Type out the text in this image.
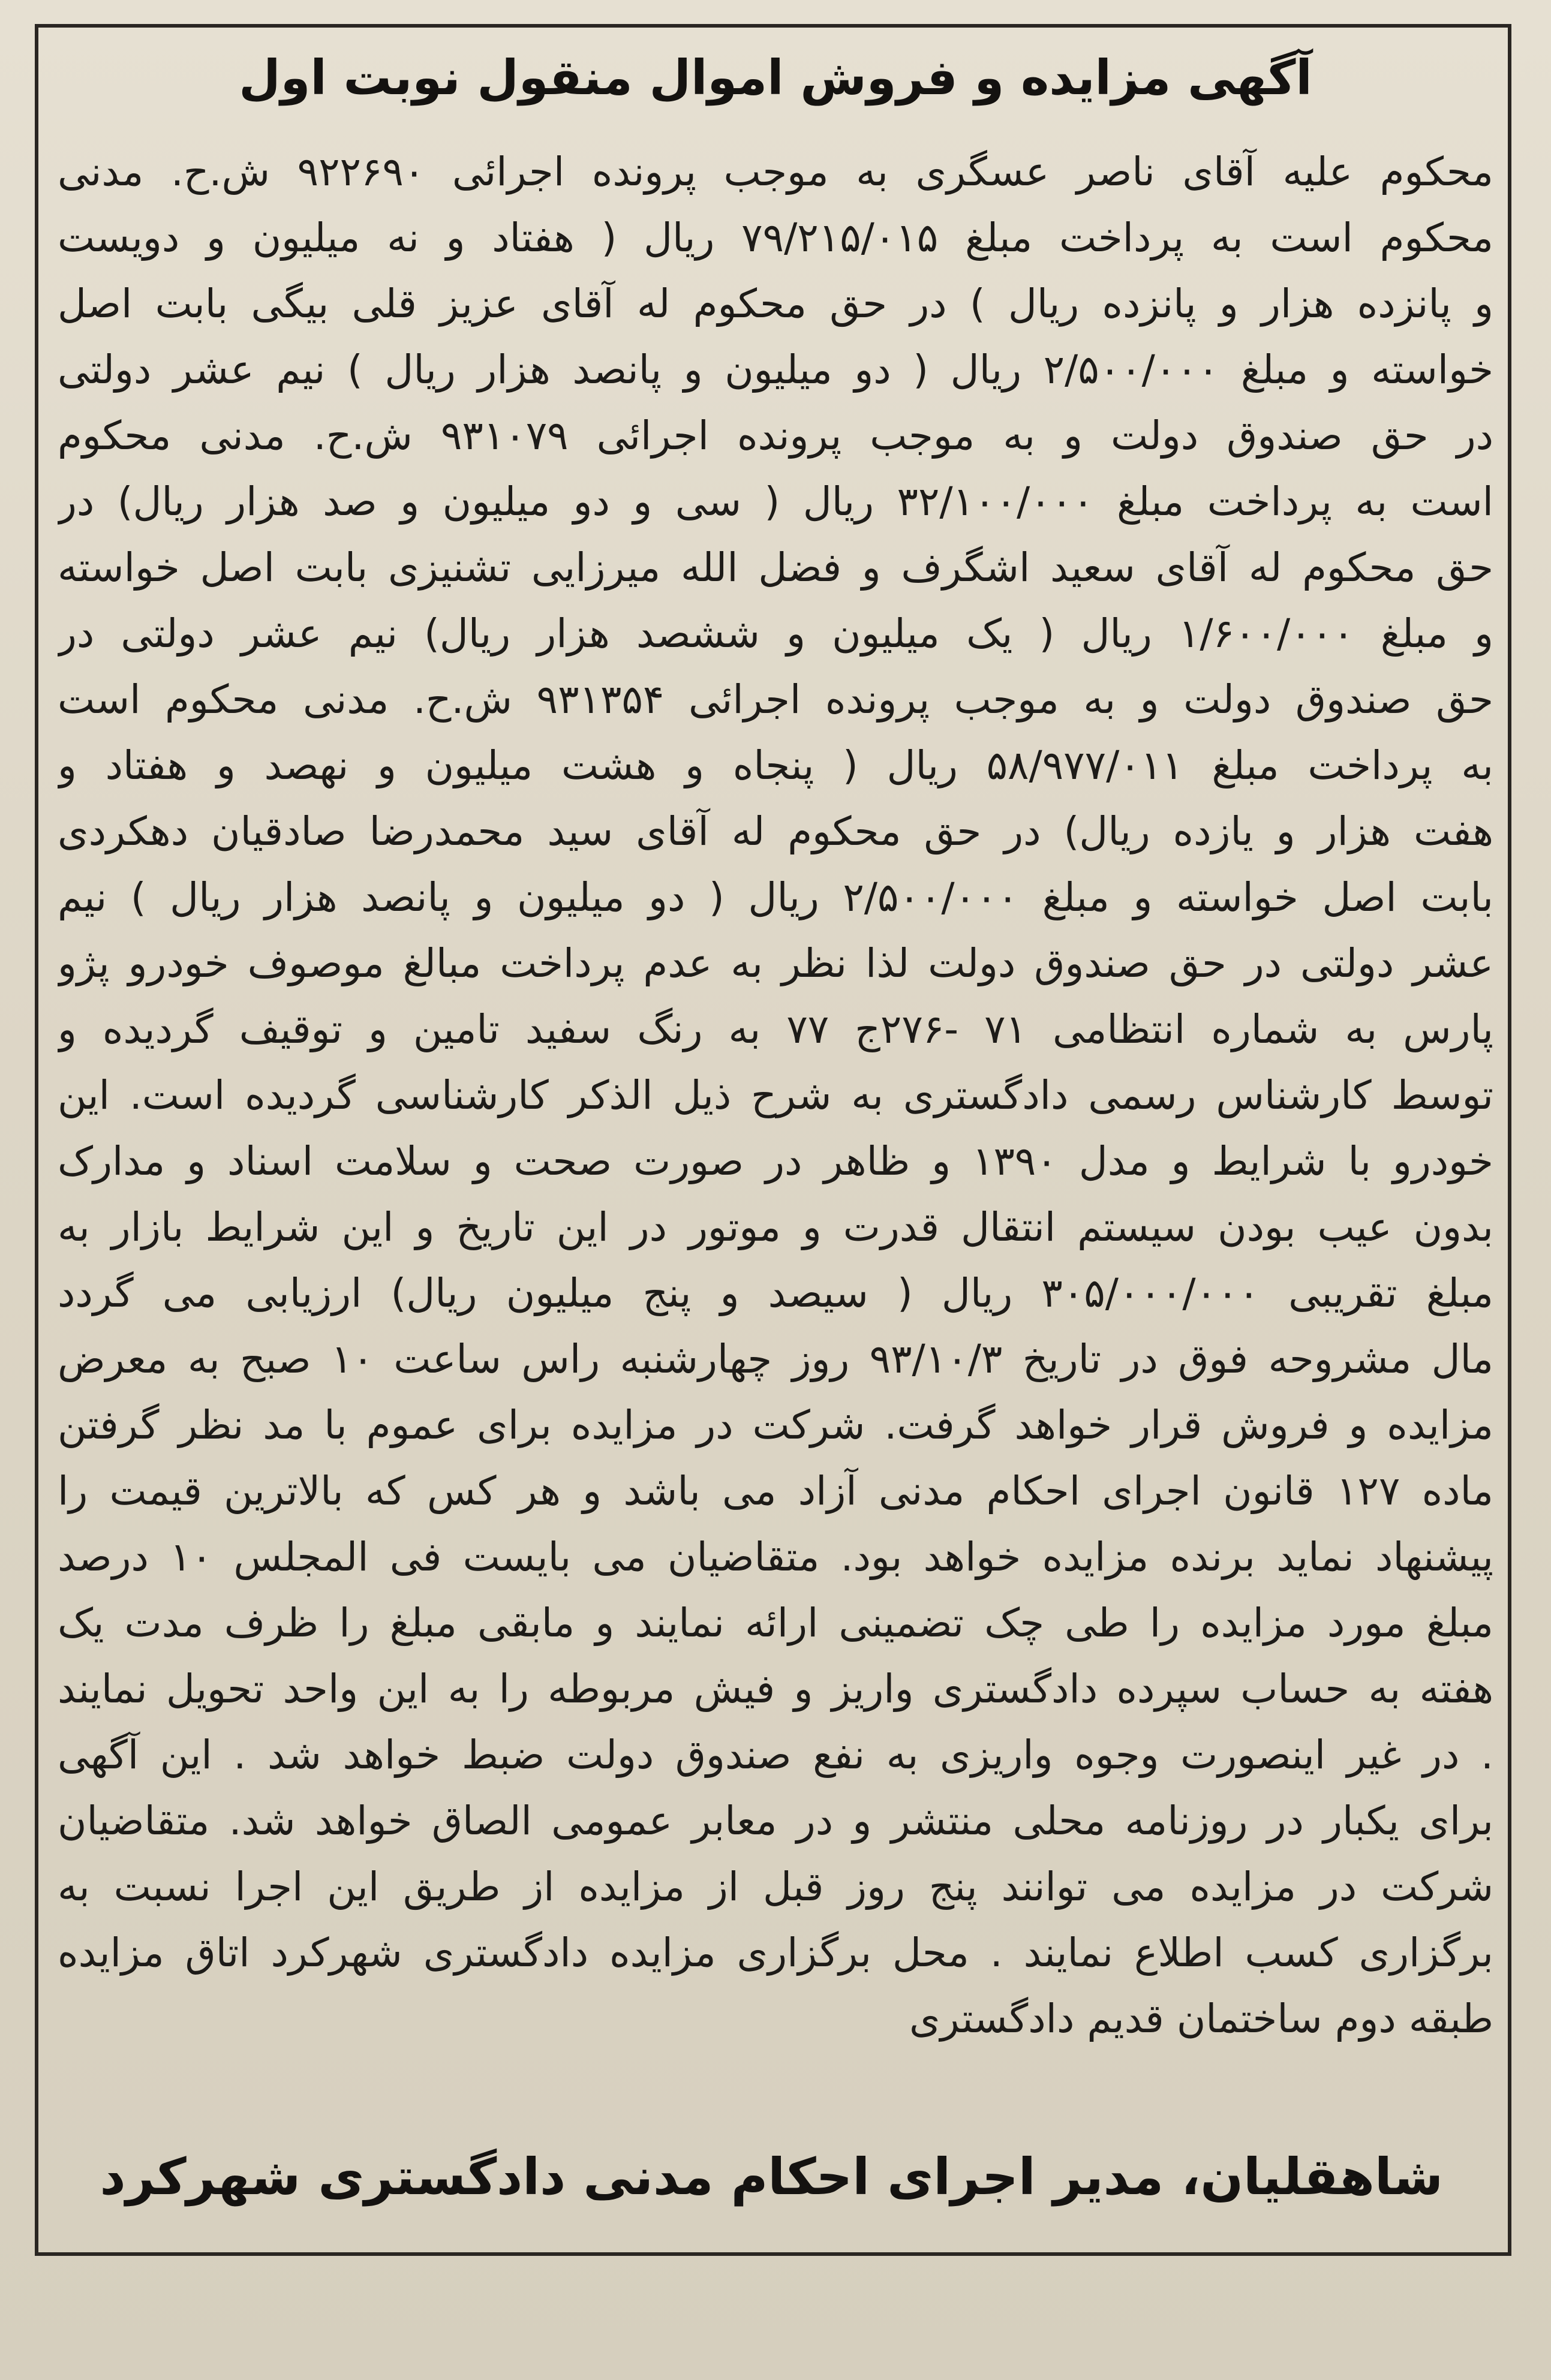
آگهی مزایده و فروش اموال منقول نوبت اول
محکوم علیه آقای ناصر عسگری به موجب پرونده اجرائی ۹۲۲۶۹۰ ش.ح. مدنی
محکوم است به پرداخت مبلغ ۷۹/۲۱۵/۰۱۵ ریال ( هفتاد و نه میلیون و دویست
و پانزده هزار و پانزده ریال ) در حق محکوم له آقای عزیز قلی بیگی بابت اصل
خواسته و مبلغ ۲/۵۰۰/۰۰۰ ریال ( دو میلیون و پانصد هزار ریال ) نیم عشر دولتی
در حق صندوق دولت و به موجب پرونده اجرائی ۹۳۱۰۷۹ ش.ح. مدنی محکوم
است به پرداخت مبلغ ۳۲/۱۰۰/۰۰۰ ریال ( سی و دو میلیون و صد هزار ریال) در
حق محکوم له آقای سعید اشگرف و فضل الله میرزایی تشنیزی بابت اصل خواسته
و مبلغ ۱/۶۰۰/۰۰۰ ریال ( یک میلیون و ششصد هزار ریال) نیم عشر دولتی در
حق صندوق دولت و به موجب پرونده اجرائی ۹۳۱۳۵۴ ش.ح. مدنی محکوم است
به پرداخت مبلغ ۵۸/۹۷۷/۰۱۱ ریال ( پنجاه و هشت میلیون و نهصد و هفتاد و
هفت هزار و یازده ریال) در حق محکوم له آقای سید محمدرضا صادقیان دهکردی
بابت اصل خواسته و مبلغ ۲/۵۰۰/۰۰۰ ریال ( دو میلیون و پانصد هزار ریال ) نیم
عشر دولتی در حق صندوق دولت لذا نظر به عدم پرداخت مبالغ موصوف خودرو پژو
پارس به شماره انتظامی ۷۱ -۲۷۶ج ۷۷ به رنگ سفید تامین و توقیف گردیده و
توسط کارشناس رسمی دادگستری به شرح ذیل الذکر کارشناسی گردیده است. این
خودرو با شرایط و مدل ۱۳۹۰ و ظاهر در صورت صحت و سلامت اسناد و مدارک
بدون عیب بودن سیستم انتقال قدرت و موتور در این تاریخ و این شرایط بازار به
مبلغ تقریبی ۳۰۵/۰۰۰/۰۰۰ ریال ( سیصد و پنج میلیون ریال) ارزیابی می گردد
مال مشروحه فوق در تاریخ ۹۳/۱۰/۳ روز چهارشنبه راس ساعت ۱۰ صبح به معرض
مزایده و فروش قرار خواهد گرفت. شرکت در مزایده برای عموم با مد نظر گرفتن
ماده ۱۲۷ قانون اجرای احکام مدنی آزاد می باشد و هر کس که بالاترین قیمت را
پیشنهاد نماید برنده مزایده خواهد بود. متقاضیان می بایست فی المجلس ۱۰ درصد
مبلغ مورد مزایده را طی چک تضمینی ارائه نمایند و مابقی مبلغ را ظرف مدت یک
هفته به حساب سپرده دادگستری واریز و فیش مربوطه را به این واحد تحویل نمایند
. در غیر اینصورت وجوه واریزی به نفع صندوق دولت ضبط خواهد شد . این آگهی
برای یکبار در روزنامه محلی منتشر و در معابر عمومی الصاق خواهد شد. متقاضیان
شرکت در مزایده می توانند پنج روز قبل از مزایده از طریق این اجرا نسبت به
برگزاری کسب اطلاع نمایند . محل برگزاری مزایده دادگستری شهرکرد اتاق مزایده
طبقه دوم ساختمان قدیم دادگستری
شاهقلیان، مدیر اجرای احکام مدنی دادگستری شهرکرد
